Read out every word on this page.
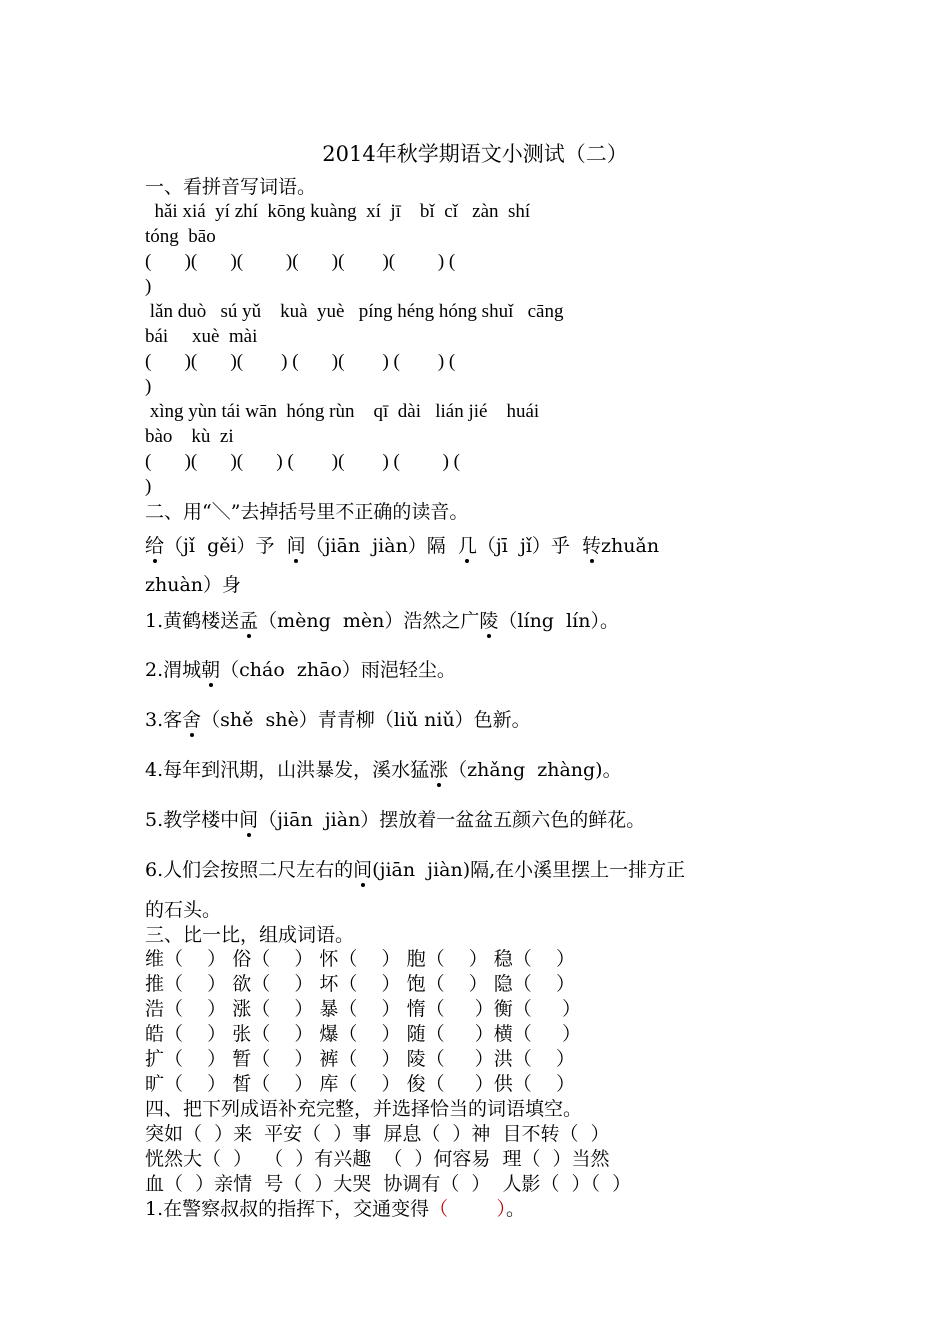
2014年秋学期语文小测试（二）
一、看拼音写词语。
hǎi xiá  yí zhí  kōng kuàng  xí  jī    bǐ  cǐ   zàn  shí
tóng  bāo
(       )(       )(         )(       )(        )(         ) (
)
lǎn duò   sú yǔ    kuà  yuè   píng héng hóng shuǐ   cāng
bái     xuè  mài
(       )(       )(        ) (       )(        ) (        ) (
)
xìng yùn tái wān  hóng rùn    qī  dài   lián jié    huái
bào    kù  zi
(       )(       )(       ) (        )(        ) (         ) (
)
二、用“＼”去掉括号里不正确的读音。
给（jǐ  gěi）予  间（jiān  jiàn）隔  几（jī  jǐ）乎  转zhuǎn
zhuàn）身
1.黄鹤楼送孟（mèng  mèn）浩然之广陵（líng  lín）。
2.渭城朝（cháo  zhāo）雨浥轻尘。
3.客舍（shě  shè）青青柳（liǔ niǔ）色新。
4.每年到汛期，山洪暴发，溪水猛涨（zhǎng  zhàng)。
5.教学楼中间（jiān  jiàn）摆放着一盆盆五颜六色的鲜花。
6.人们会按照二尺左右的间(jiān  jiàn)隔,在小溪里摆上一排方正
的石头。
三、比一比，组成词语。
维（    ） 俗（    ） 怀（    ） 胞（    ） 稳（    ）
推（    ） 欲（    ） 坏（    ） 饱（    ） 隐（    ）
浩（    ） 涨（    ） 暴（    ） 惰（     ）衡（     ）
皓（    ） 张（    ） 爆（    ） 随（     ）横（     ）
扩（    ） 暂（    ） 裤（    ） 陵（     ）洪（    ）
旷（    ） 皙（    ） 库（    ） 俊（     ）供（    ）
四、把下列成语补充完整，并选择恰当的词语填空。
突如（  ）来  平安（  ）事  屏息（  ）神  目不转（  ）
恍然大（  ）  （  ）有兴趣  （  ）何容易  理（  ）当然
血（  ）亲情  号（  ）大哭  协调有（  ）  人影（  ）（  ）
1.在警察叔叔的指挥下，交通变得（        ）。
